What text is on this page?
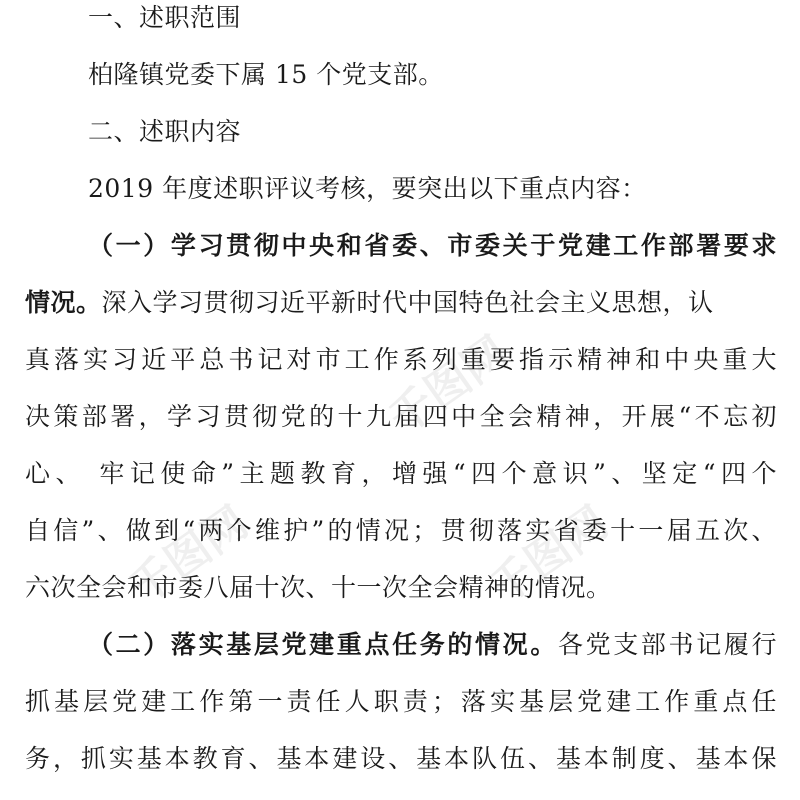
千图网
千图网	千图网
一、述职范围
柏隆镇党委下属 15 个党支部。
二、述职内容
2019 年度述职评议考核，要突出以下重点内容：
（一）学习贯彻中央和省委、市委关于党建工作部署要求
情况。深入学习贯彻习近平新时代中国特色社会主义思想，认
真落实习近平总书记对市工作系列重要指示精神和中央重大
决策部署，学习贯彻党的十九届四中全会精神，开展“不忘初
心、 牢记使命”主题教育，增强“四个意识”、坚定“四个
自信”、做到“两个维护”的情况；贯彻落实省委十一届五次、
六次全会和市委八届十次、十一次全会精神的情况。
（二）落实基层党建重点任务的情况。各党支部书记履行
抓基层党建工作第一责任人职责；落实基层党建工作重点任
务，抓实基本教育、基本建设、基本队伍、基本制度、基本保
